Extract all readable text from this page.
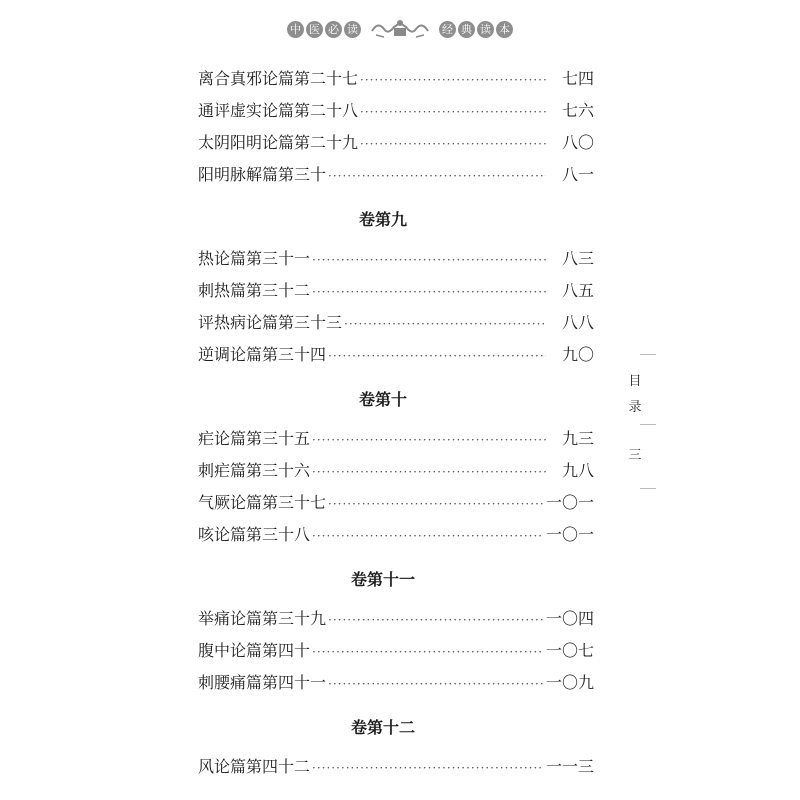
中 医 必 读	经 典 读 本
离合真邪论篇第二十七 ·····	七四
通评虚实论篇第二十八 ·····	七六
太阴阳明论篇第二十九 ·····	八〇
阳明脉解篇第三十 ·····	八一
卷第九
热论篇第三十一 ·····	八三
刺热篇第三十二 ·····	八五
评热病论篇第三十三 ·····	八八
逆调论篇第三十四 ·····	九〇
卷第十
疟论篇第三十五 ·····	九三
刺疟篇第三十六 ·····	九八
气厥论篇第三十七 ·····	一〇一
咳论篇第三十八 ·····	一〇一
卷第十一
举痛论篇第三十九 ·····	一〇四
腹中论篇第四十 ·····	一〇七
刺腰痛篇第四十一 ·····	一〇九
卷第十二
风论篇第四十二 ·····	一一三
目
录
三
